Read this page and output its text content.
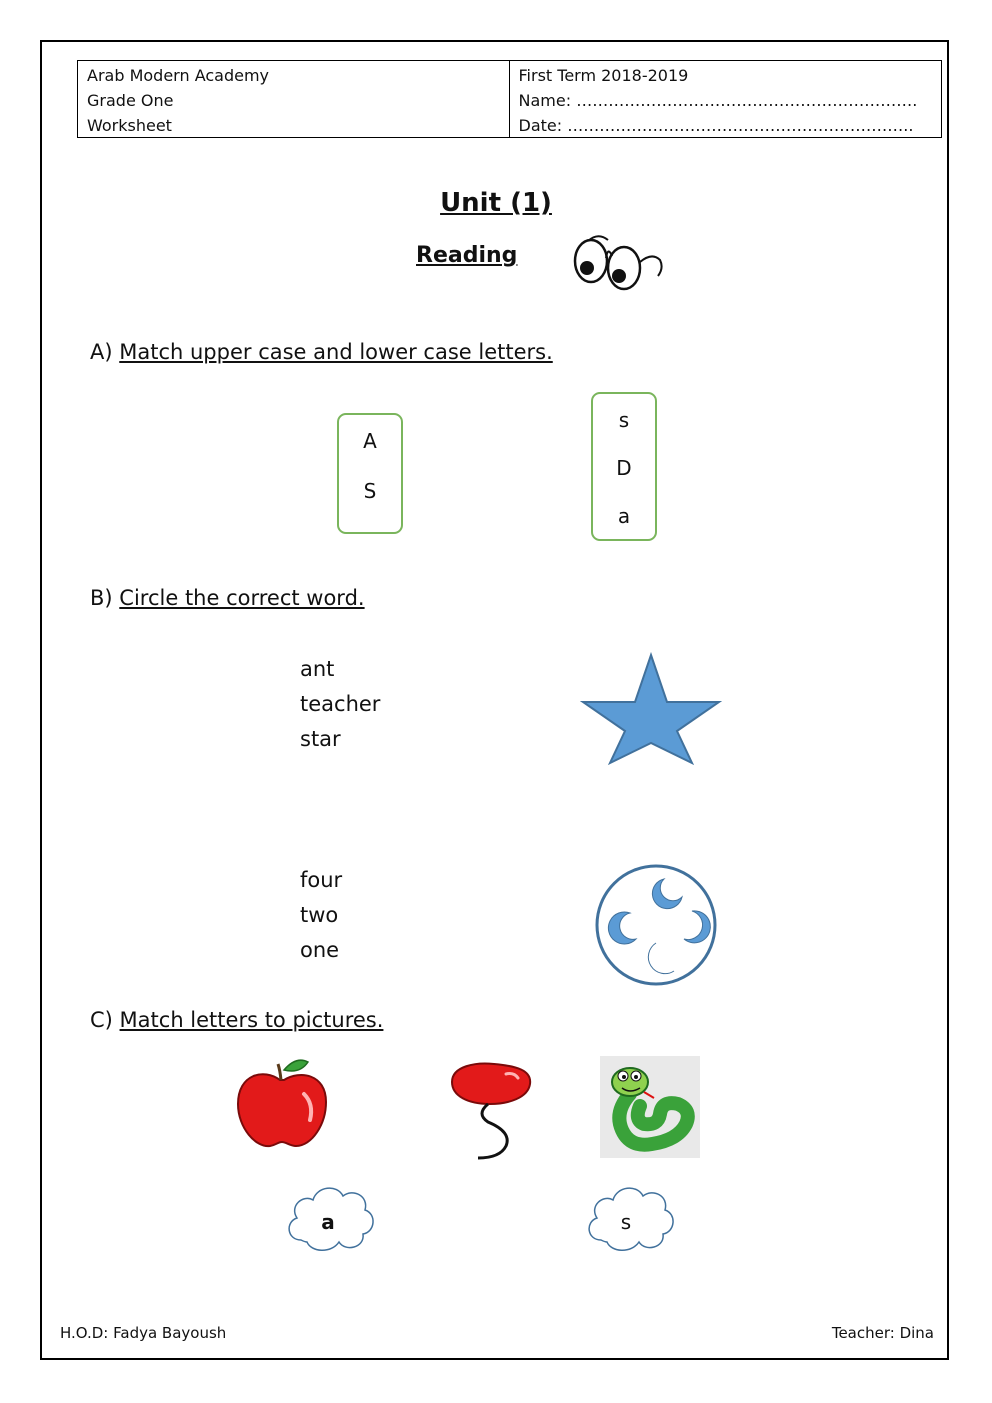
Arab Modern Academy
Grade One
Worksheet
First Term 2018-2019
Name: ……………………………………………………….
Date: ………………………………………………………..
Unit (1)
Reading
A) Match upper case and lower case letters.
A
S
s
D
a
B) Circle the correct word.
ant
teacher
star
four
two
one
C) Match letters to pictures.
a	s
H.O.D: Fadya Bayoush	Teacher: Dina
